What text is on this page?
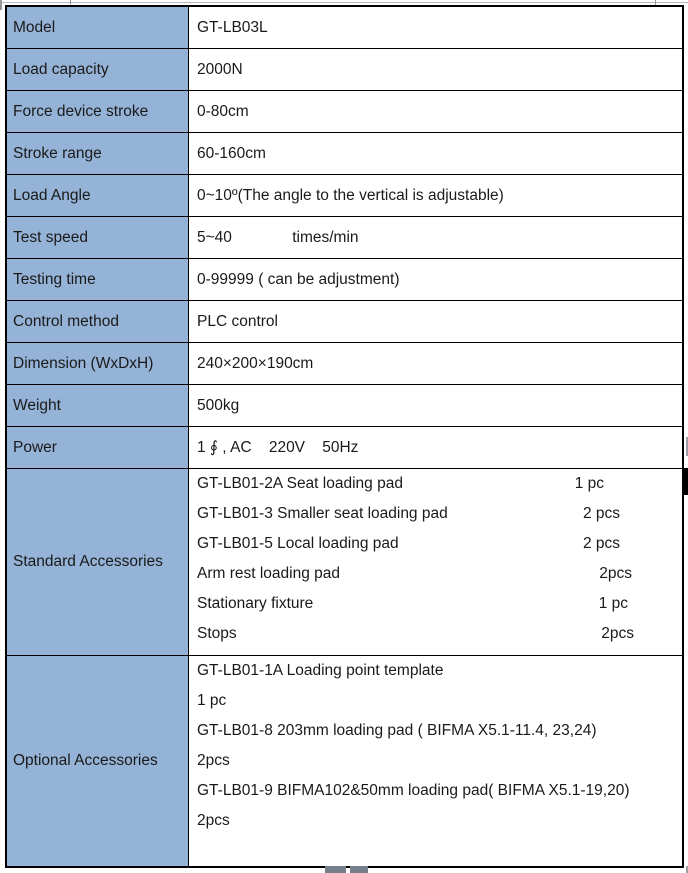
Model	GT-LB03L
Load capacity	2000N
Force device stroke	0-80cm
Stroke range	60-160cm
Load Angle	0~10º(The angle to the vertical is adjustable)
Test speed	5~40              times/min
Testing time	0-99999 ( can be adjustment)
Control method	PLC control
Dimension (WxDxH)	240×200×190cm
Weight	500kg
Power	1 ∮ , AC    220V    50Hz
Standard Accessories
GT-LB01-2A Seat loading pad	1 pc
GT-LB01-3 Smaller seat loading pad	2 pcs
GT-LB01-5 Local loading pad	2 pcs
Arm rest loading pad	2pcs
Stationary fixture	1 pc
Stops	2pcs
Optional Accessories
GT-LB01-1A Loading point template
1 pc
GT-LB01-8 203mm loading pad ( BIFMA X5.1-11.4, 23,24)
2pcs
GT-LB01-9 BIFMA102&50mm loading pad( BIFMA X5.1-19,20)
2pcs
